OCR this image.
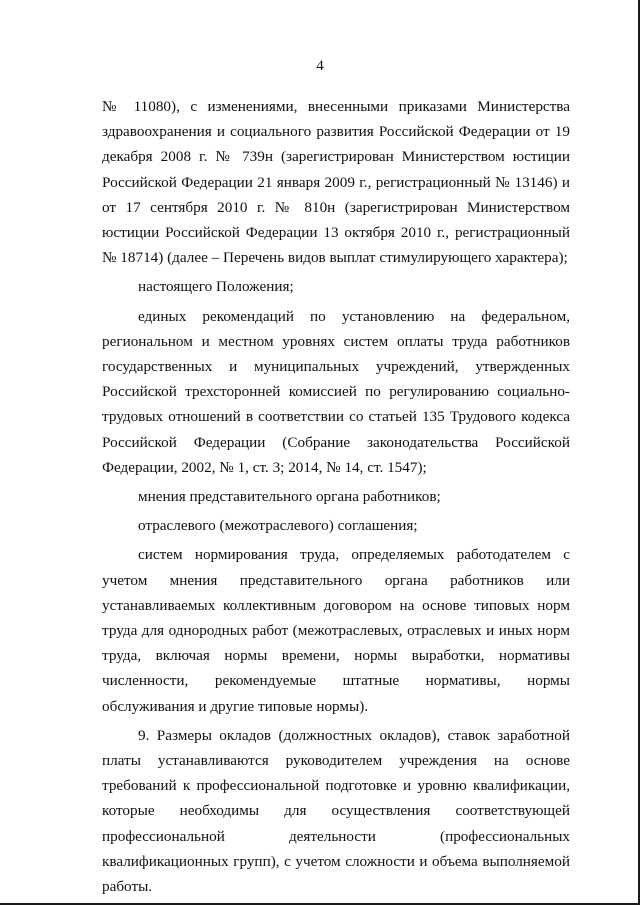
4

№ 11080), с изменениями, внесенными приказами Министерства здравоохранения и социального развития Российской Федерации от 19 декабря 2008 г. № 739н (зарегистрирован Министерством юстиции Российской Федерации 21 января 2009 г., регистрационный № 13146) и от 17 сентября 2010 г. № 810н (зарегистрирован Министерством юстиции Российской Федерации 13 октября 2010 г., регистрационный № 18714) (далее – Перечень видов выплат стимулирующего характера);

настоящего Положения;

единых рекомендаций по установлению на федеральном, региональном и местном уровнях систем оплаты труда работников государственных и муниципальных учреждений, утвержденных Российской трехсторонней комиссией по регулированию социально-трудовых отношений в соответствии со статьей 135 Трудового кодекса Российской Федерации (Собрание законодательства Российской Федерации, 2002, № 1, ст. 3; 2014, № 14, ст. 1547);

мнения представительного органа работников;

отраслевого (межотраслевого) соглашения;

систем нормирования труда, определяемых работодателем с учетом мнения представительного органа работников или устанавливаемых коллективным договором на основе типовых норм труда для однородных работ (межотраслевых, отраслевых и иных норм труда, включая нормы времени, нормы выработки, нормативы численности, рекомендуемые штатные нормативы, нормы обслуживания и другие типовые нормы).

9. Размеры окладов (должностных окладов), ставок заработной платы устанавливаются руководителем учреждения на основе требований к профессиональной подготовке и уровню квалификации, которые необходимы для осуществления соответствующей профессиональной деятельности (профессиональных квалификационных групп), с учетом сложности и объема выполняемой работы.
